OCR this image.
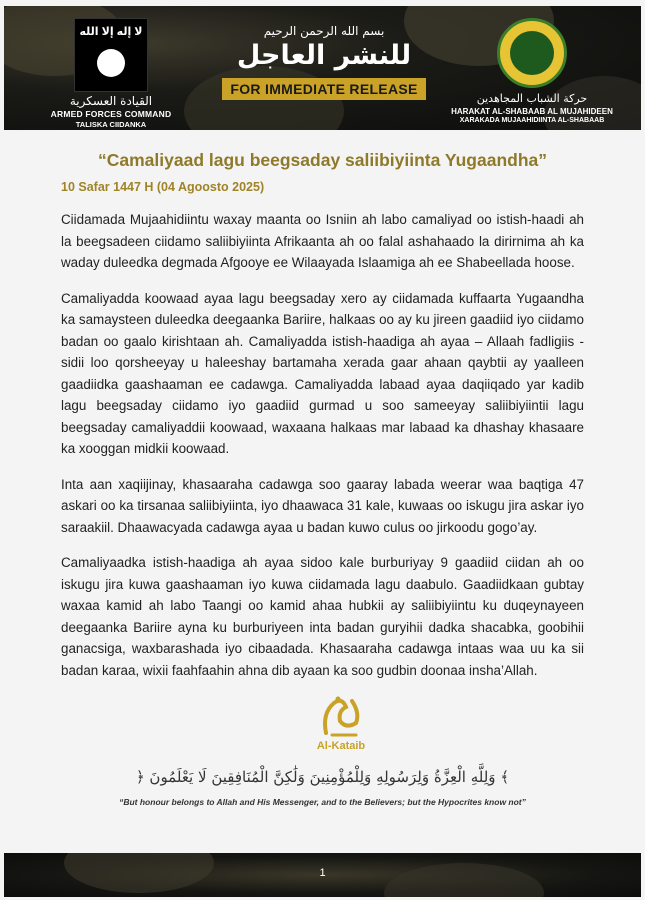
لا إله إلا الله
القيادة العسكرية
ARMED FORCES COMMAND
TALISKA CIIDANKA
بسم الله الرحمن الرحيم
للنشر العاجل
FOR IMMEDIATE RELEASE
حركة الشباب المجاهدين
HARAKAT AL-SHABAAB AL MUJAHIDEEN
XARAKADA MUJAAHIDIINTA AL-SHABAAB
“Camaliyaad lagu beegsaday saliibiyiinta Yugaandha”
10 Safar 1447 H (04 Agoosto 2025)

Ciidamada Mujaahidiintu waxay maanta oo Isniin ah labo camaliyad oo istish-haadi ah la beegsadeen ciidamo saliibiyiinta Afrikaanta ah oo falal ashahaado la dirirnima ah ka waday duleedka degmada Afgooye ee Wilaayada Islaamiga ah ee Shabeellada hoose.

Camaliyadda koowaad ayaa lagu beegsaday xero ay ciidamada kuffaarta Yugaandha ka samaysteen duleedka deegaanka Bariire, halkaas oo ay ku jireen gaadiid iyo ciidamo badan oo gaalo kirishtaan ah. Camaliyadda istish-haadiga ah ayaa – Allaah fadligiis - sidii loo qorsheeyay u haleeshay bartamaha xerada gaar ahaan qaybtii ay yaalleen gaadiidka gaashaaman ee cadawga. Camaliyadda labaad ayaa daqiiqado yar kadib lagu beegsaday ciidamo iyo gaadiid gurmad u soo sameeyay saliibiyiintii lagu beegsaday camaliyaddii koowaad, waxaana halkaas mar labaad ka dhashay khasaare ka xooggan midkii koowaad.

Inta aan xaqiijinay, khasaaraha cadawga soo gaaray labada weerar waa baqtiga 47 askari oo ka tirsanaa saliibiyiinta, iyo dhaawaca 31 kale, kuwaas oo iskugu jira askar iyo saraakiil. Dhaawacyada cadawga ayaa u badan kuwo culus oo jirkoodu gogo’ay.

Camaliyaadka istish-haadiga ah ayaa sidoo kale burburiyay 9 gaadiid ciidan ah oo iskugu jira kuwa gaashaaman iyo kuwa ciidamada lagu daabulo. Gaadiidkaan gubtay waxaa kamid ah labo Taangi oo kamid ahaa hubkii ay saliibiyiintu ku duqeynayeen deegaanka Bariire ayna ku burburiyeen inta badan guryihii dadka shacabka, goobihii ganacsiga, waxbarashada iyo cibaadada. Khasaaraha cadawga intaas waa uu ka sii badan karaa, wixii faahfaahin ahna dib ayaan ka soo gudbin doonaa insha’Allah.

Al-Kataib
﴿ وَلِلَّهِ الْعِزَّةُ وَلِرَسُولِهِ وَلِلْمُؤْمِنِينَ وَلَٰكِنَّ الْمُنَافِقِينَ لَا يَعْلَمُونَ ﴾
“But honour belongs to Allah and His Messenger, and to the Believers; but the Hypocrites know not”
1
